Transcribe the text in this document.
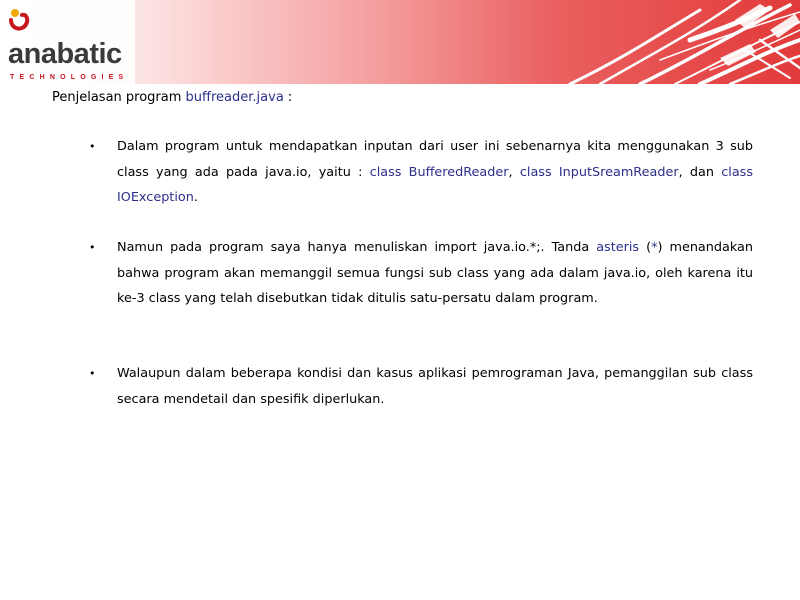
anabatic
TECHNOLOGIES
Penjelasan program buffreader.java :
• Dalam program untuk mendapatkan inputan dari user ini sebenarnya kita menggunakan 3 sub class yang ada pada java.io, yaitu : class BufferedReader, class InputSreamReader, dan class IOException.
• Namun pada program saya hanya menuliskan import java.io.*;. Tanda asteris (*) menandakan bahwa program akan memanggil semua fungsi sub class yang ada dalam java.io, oleh karena itu ke-3 class yang telah disebutkan tidak ditulis satu-persatu dalam program.
• Walaupun dalam beberapa kondisi dan kasus aplikasi pemrograman Java, pemanggilan sub class secara mendetail dan spesifik diperlukan.
